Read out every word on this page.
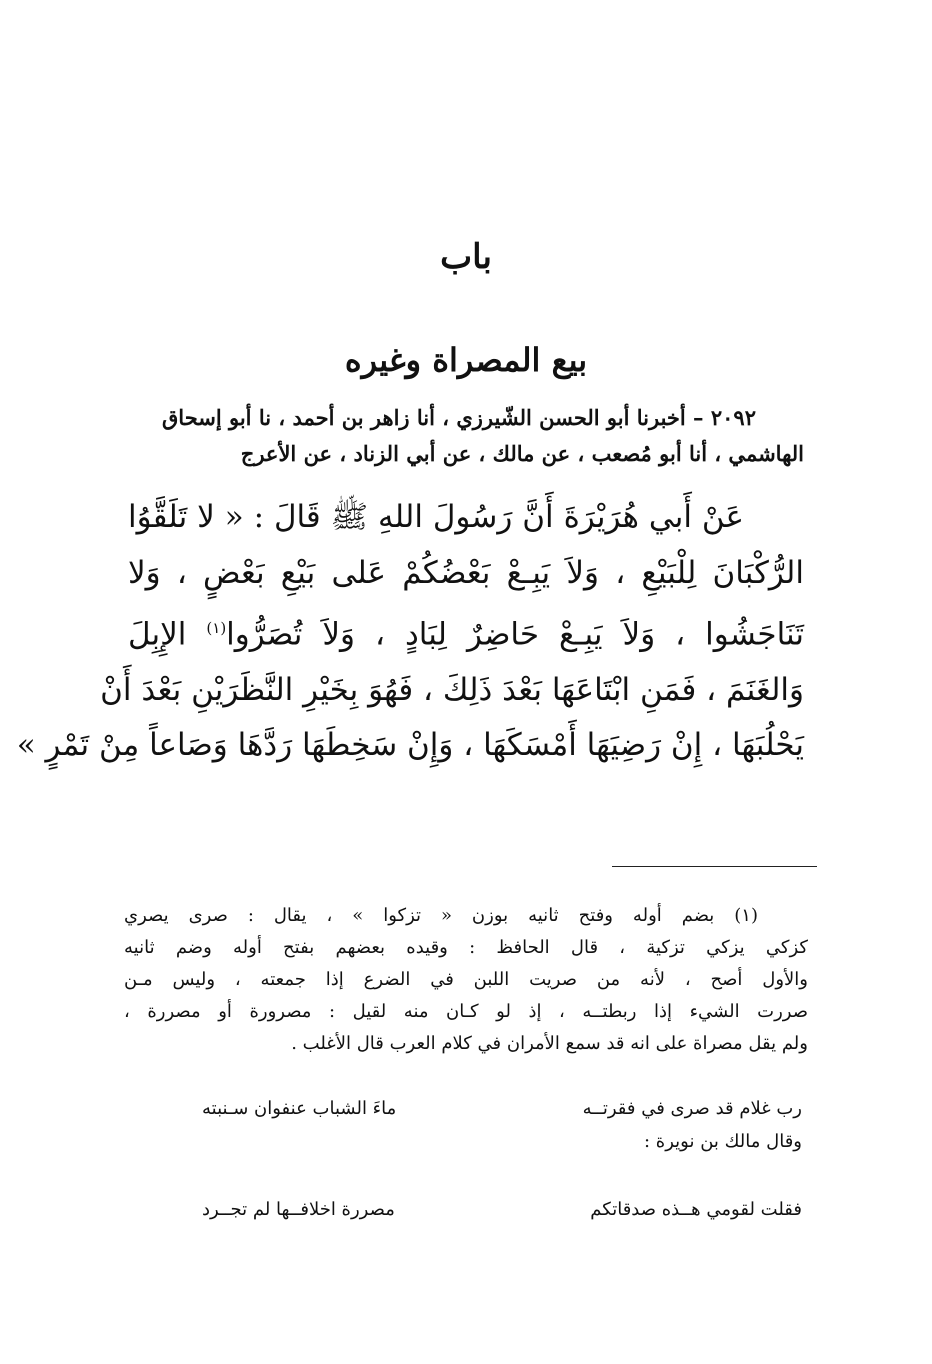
باب
بيع المصراة وغيره
٢٠٩٢ – أخبرنا أبو الحسن الشّيرزي ، أنا زاهر بن أحمد ، نا أبو إسحاق
الهاشمي ، أنا أبو مُصعب ، عن مالك ، عن أبي الزناد ، عن الأعرج
عَنْ أَبي هُرَيْرَةَ أَنَّ رَسُولَ اللهِ ﷺ قَالَ : « لا تَلَقَّوُا
الرُّكْبَانَ لِلْبَيْعِ ، وَلاَ يَبِـعْ بَعْضُكُمْ عَلى بَيْعِ بَعْضٍ ، وَلا
تَنَاجَشُوا ، وَلاَ يَبِـعْ حَاضِرٌ لِبَادٍ ، وَلاَ تُصَرُّوا$^{(١)}$ الإِبِلَ
وَالغَنَمَ ، فَمَنِ ابْتَاعَهَا بَعْدَ ذَلِكَ ، فَهُوَ بِخَيْرِ النَّظَرَيْنِ بَعْدَ أَنْ
يَحْلُبَهَا ، إِنْ رَضِيَهَا أَمْسَكَهَا ، وَإِنْ سَخِطَهَا رَدَّهَا وَصَاعاً مِنْ تَمْرٍ »
(١) بضم أوله وفتح ثانيه بوزن « تزكوا » ، يقال : صرى يصري
كزكي يزكي تزكية ، قال الحافظ : وقيده بعضهم بفتح أوله وضم ثانيه
والأول أصح ، لأنه من صريت اللبن في الضرع إذا جمعته ، وليس مـن
صررت الشيء إذا ربطتــه ، إذ لو كـان منه لقيل : مصرورة أو مصررة ،
ولم يقل مصراة على انه قد سمع الأمران في كلام العرب قال الأغلب .
رب غلام قد صرى في فقرتــه
ماءَ الشباب عنفوان سـنبته
وقال مالك بن نويرة :
فقلت لقومي هــذه صدقاتكم
مصررة اخلافــها لم تجــرد
